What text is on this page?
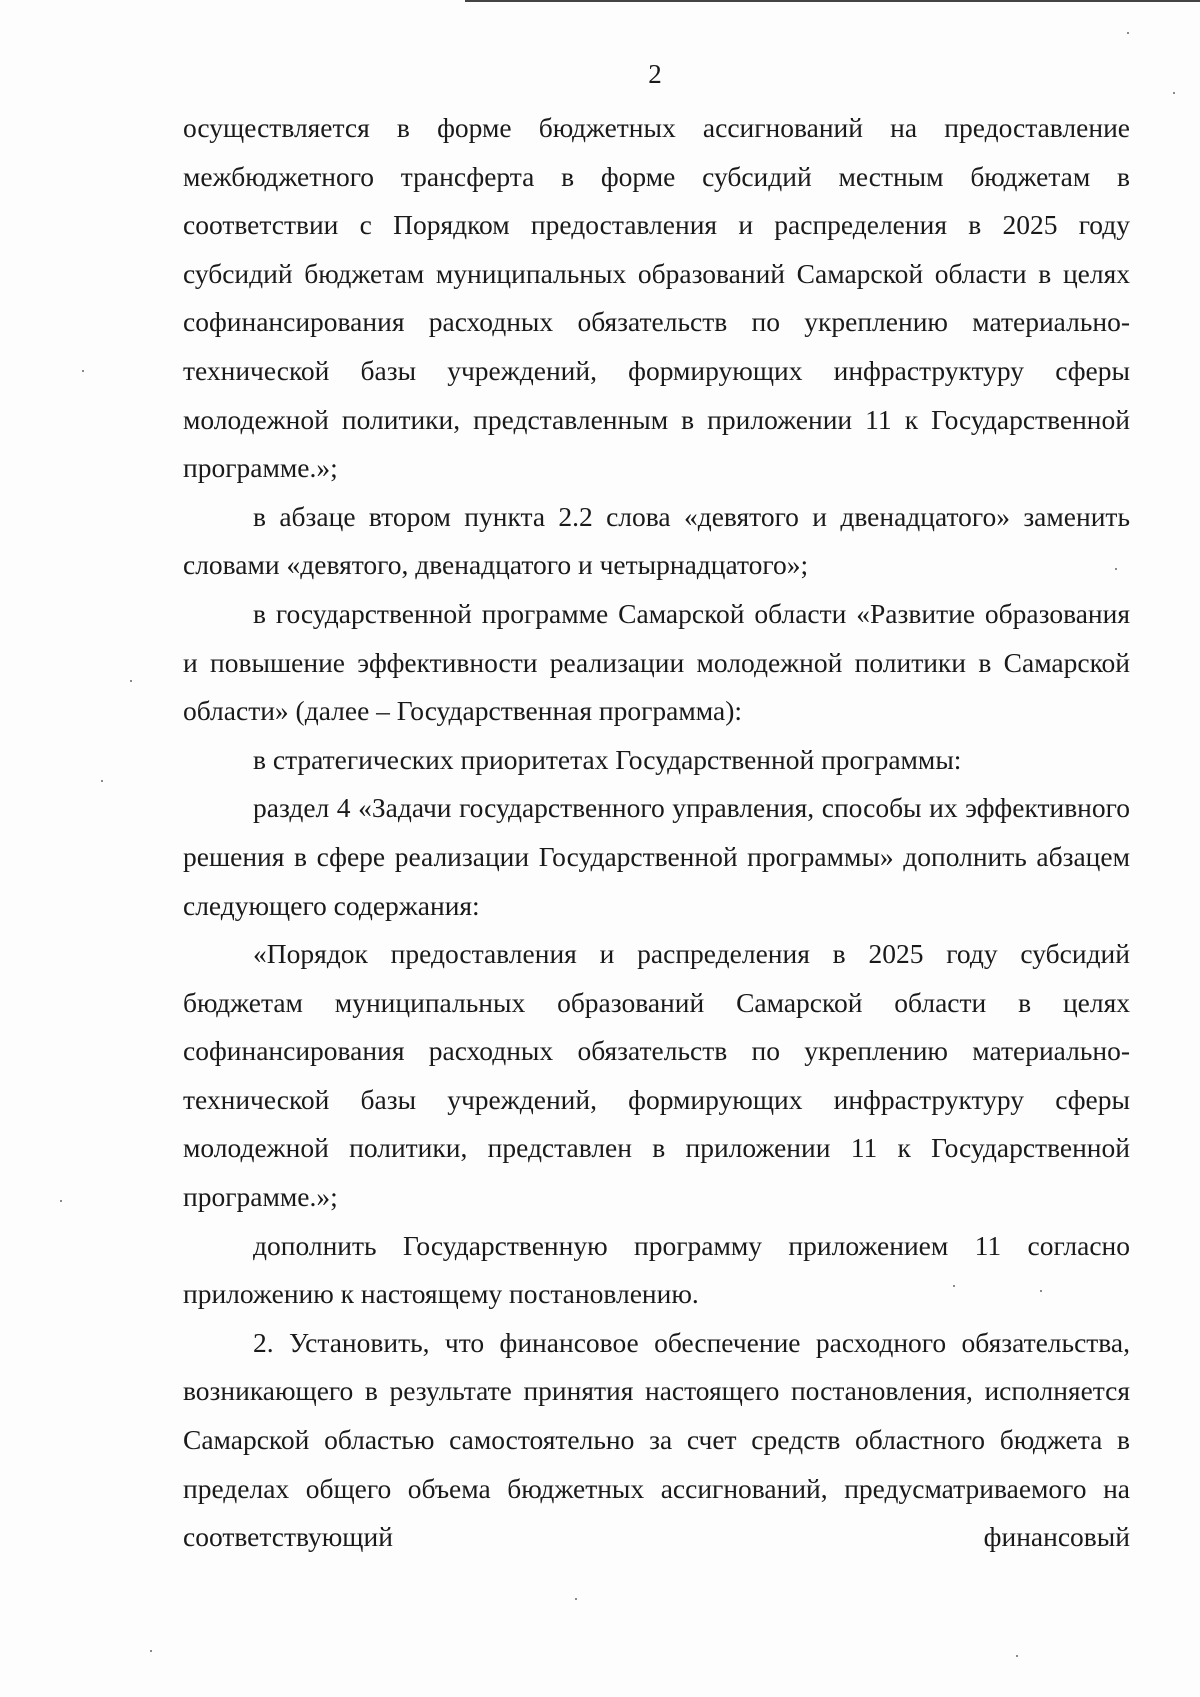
2

осуществляется в форме бюджетных ассигнований на предоставление межбюджетного трансферта в форме субсидий местным бюджетам в соответствии с Порядком предоставления и распределения в 2025 году субсидий бюджетам муниципальных образований Самарской области в целях софинансирования расходных обязательств по укреплению материально-технической базы учреждений, формирующих инфраструктуру сферы молодежной политики, представленным в приложении 11 к Государственной программе.»;

в абзаце втором пункта 2.2 слова «девятого и двенадцатого» заменить словами «девятого, двенадцатого и четырнадцатого»;

в государственной программе Самарской области «Развитие образования и повышение эффективности реализации молодежной политики в Самарской области» (далее – Государственная программа):

в стратегических приоритетах Государственной программы:

раздел 4 «Задачи государственного управления, способы их эффективного решения в сфере реализации Государственной программы» дополнить абзацем следующего содержания:

«Порядок предоставления и распределения в 2025 году субсидий бюджетам муниципальных образований Самарской области в целях софинансирования расходных обязательств по укреплению материально-технической базы учреждений, формирующих инфраструктуру сферы молодежной политики, представлен в приложении 11 к Государственной программе.»;

дополнить Государственную программу приложением 11 согласно приложению к настоящему постановлению.

2. Установить, что финансовое обеспечение расходного обязательства, возникающего в результате принятия настоящего постановления, исполняется Самарской областью самостоятельно за счет средств областного бюджета в пределах общего объема бюджетных ассигнований, предусматриваемого на соответствующий финансовый
